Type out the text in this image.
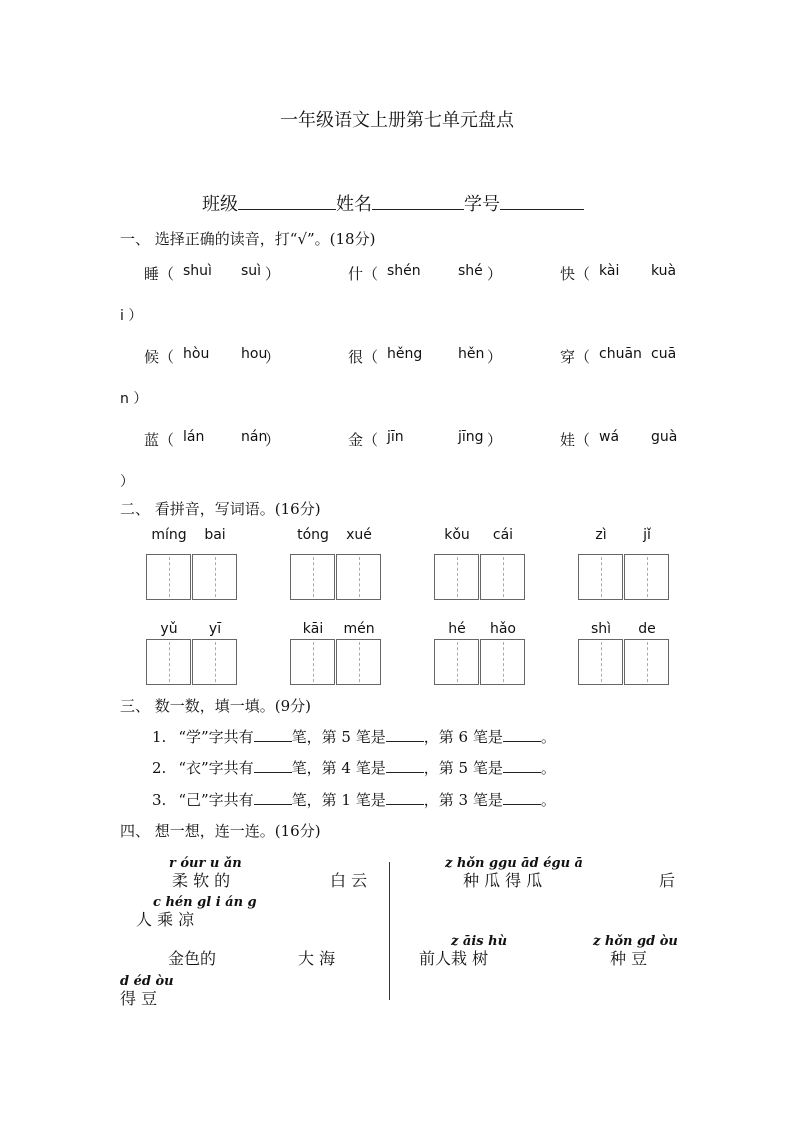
一年级语文上册第七单元盘点
班级	姓名	学号
一、 选择正确的读音，打“√”。(18分)
睡（ shuì suì ）	什（ shén	shé ）	快（ kài kuà
i ）
候（ hòu hou
）	很（ hěng	hěn ）	穿（ chuān cuā
n ）
蓝（ lán	nán
）	金（ jīn	jīng ）	娃（ wá guà
）
二、 看拼音，写词语。(16分)
míng	bai	tóng	xué	kǒu	cái	zì	jǐ
yǔ	yī	kāi	mén	hé	hǎo	shì	de
三、 数一数，填一填。(9分)
1. “学”字共有	笔，第 5 笔是	，第 6 笔是	。
2. “衣”字共有	笔，第 4 笔是	，第 5 笔是	。
3. “己”字共有	笔，第 1 笔是	，第 3 笔是	。
四、 想一想，连一连。(16分)
r óur u ǎn
柔 软 的	白 云
c hén gl i án g
人 乘 凉
金色的	大 海
d éd òu
得 豆
z hǒn ggu ād égu ā
种 瓜 得 瓜	后
z āis hù
前人栽 树
z hǒn gd òu
种 豆
